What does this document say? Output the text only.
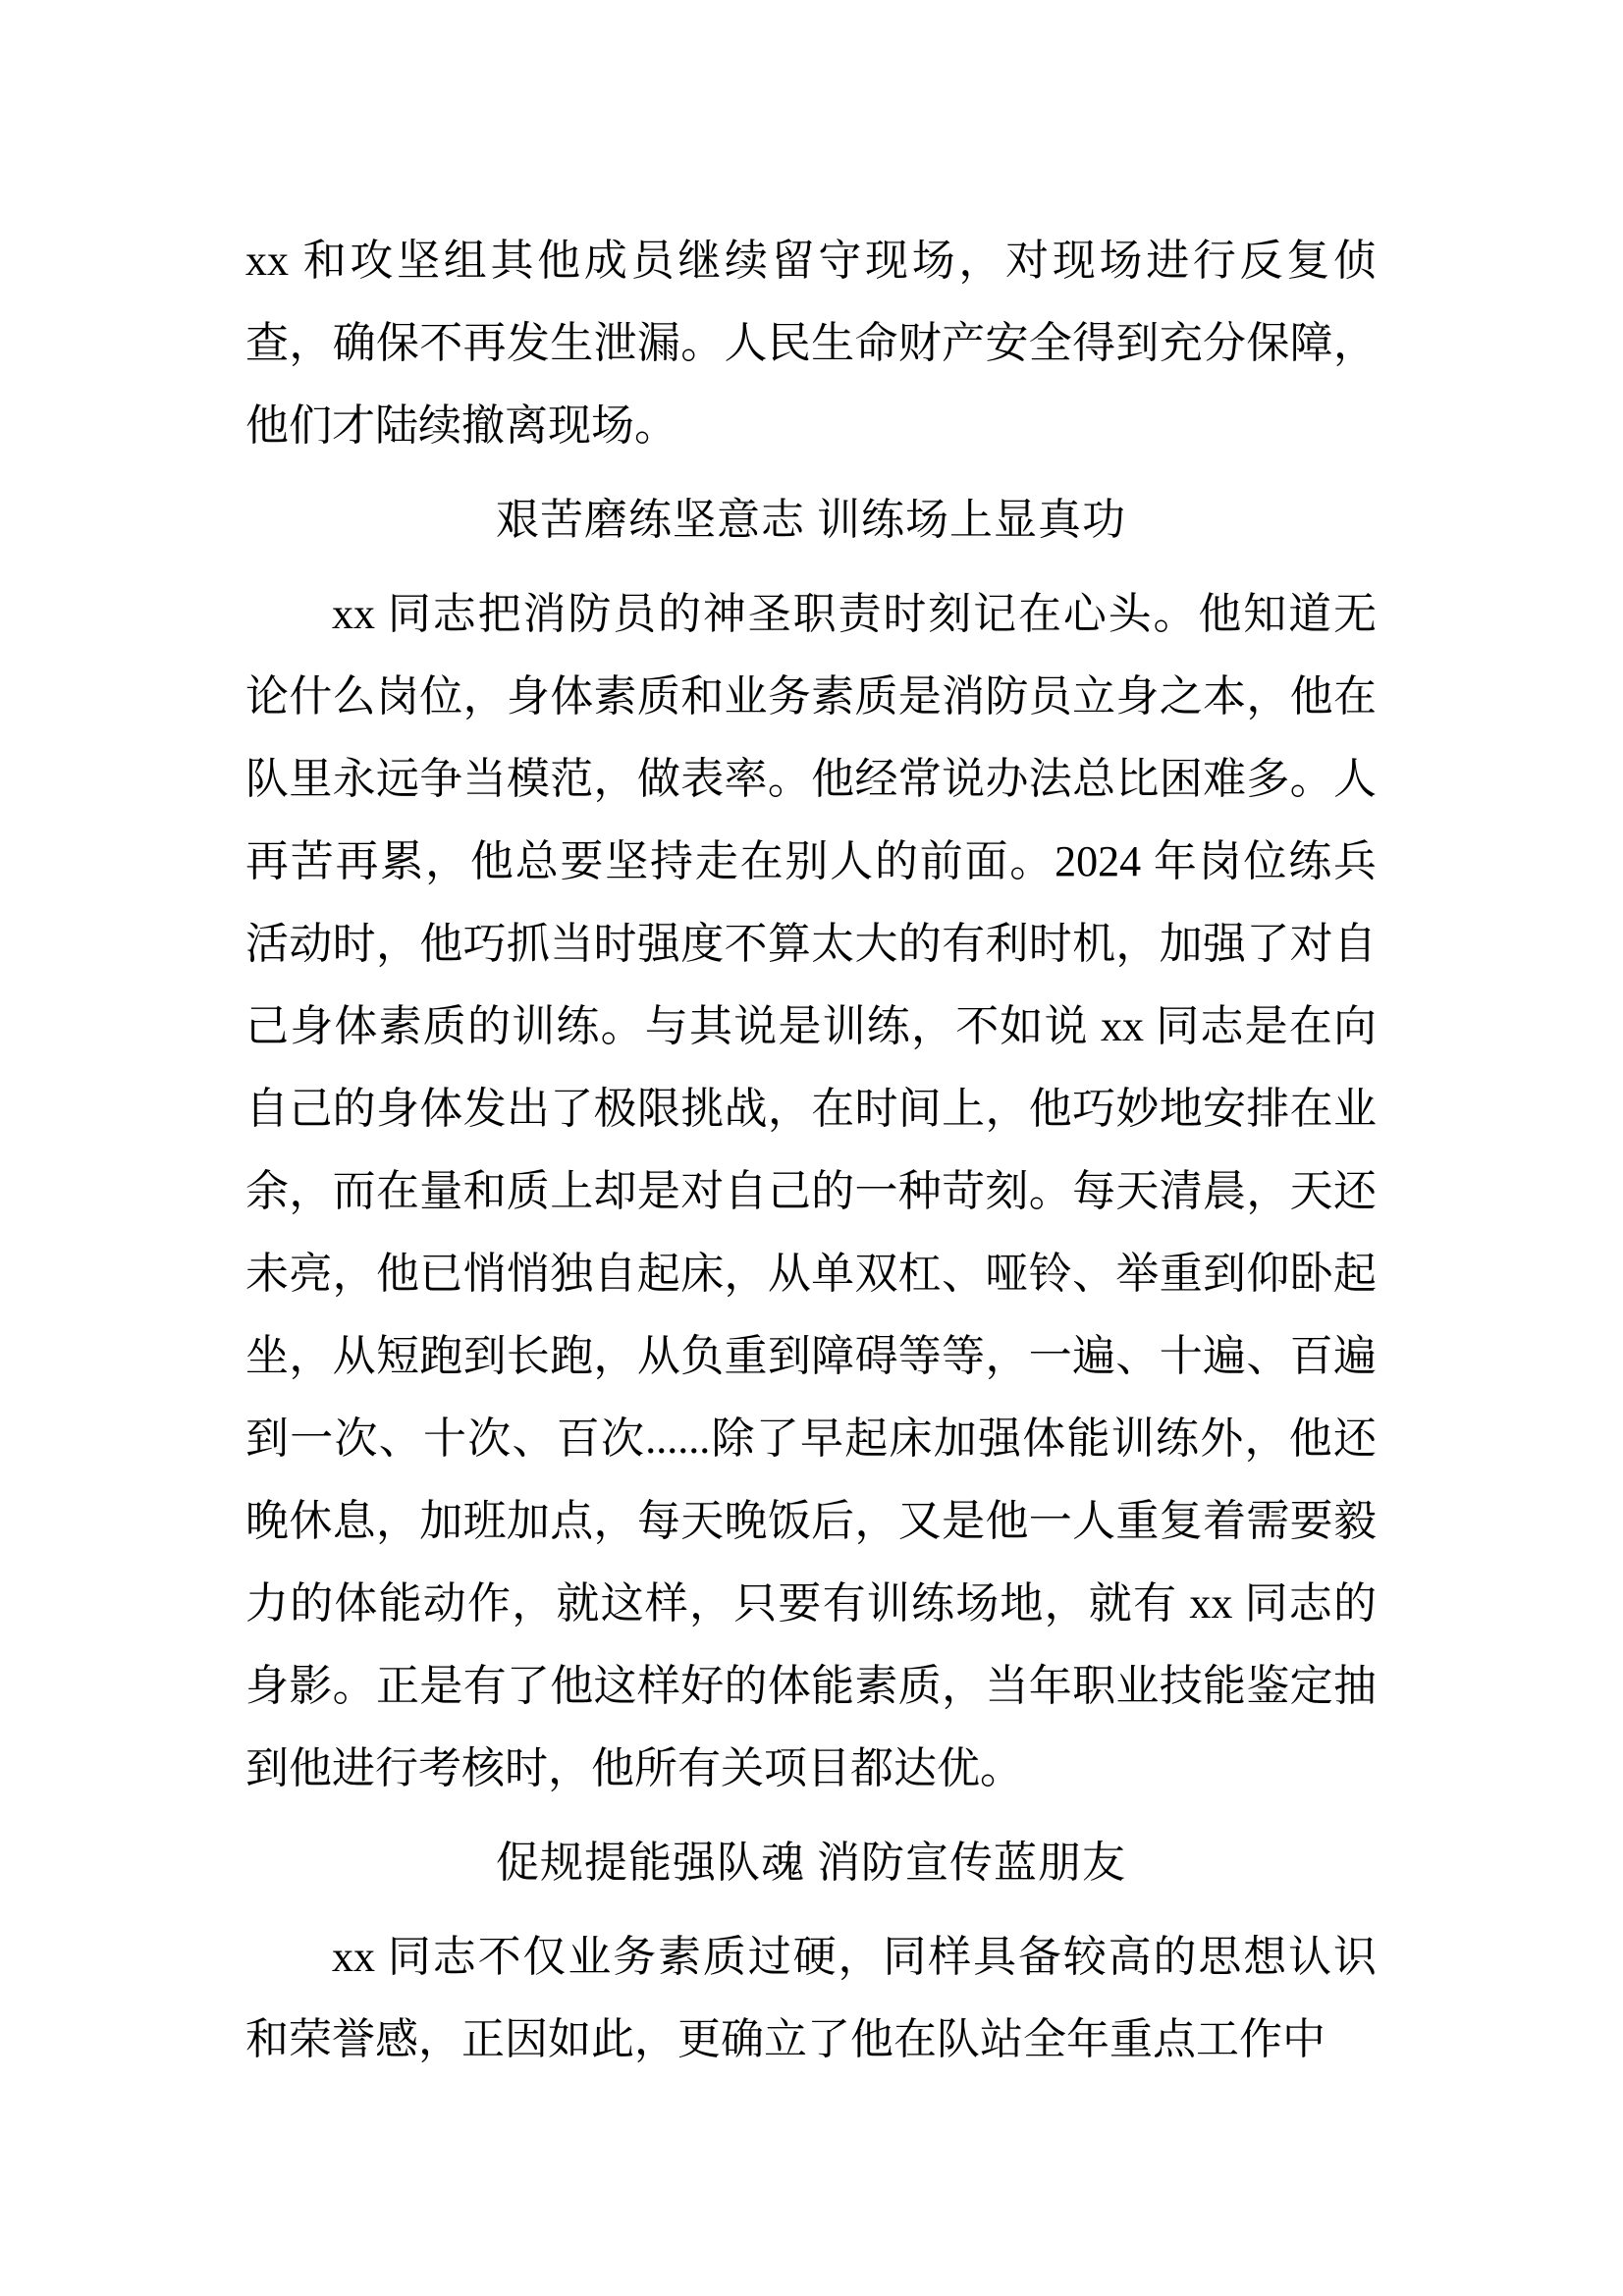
xx 和攻坚组其他成员继续留守现场，对现场进行反复侦查，确保不再发生泄漏。人民生命财产安全得到充分保障，他们才陆续撤离现场。

艰苦磨练坚意志 训练场上显真功

xx 同志把消防员的神圣职责时刻记在心头。他知道无论什么岗位，身体素质和业务素质是消防员立身之本，他在队里永远争当模范，做表率。他经常说办法总比困难多。人再苦再累，他总要坚持走在别人的前面。2024 年岗位练兵活动时，他巧抓当时强度不算太大的有利时机，加强了对自己身体素质的训练。与其说是训练，不如说 xx 同志是在向自己的身体发出了极限挑战，在时间上，他巧妙地安排在业余，而在量和质上却是对自己的一种苛刻。每天清晨，天还未亮，他已悄悄独自起床，从单双杠、哑铃、举重到仰卧起坐，从短跑到长跑，从负重到障碍等等，一遍、十遍、百遍到一次、十次、百次......除了早起床加强体能训练外，他还晚休息，加班加点，每天晚饭后，又是他一人重复着需要毅力的体能动作，就这样，只要有训练场地，就有 xx 同志的身影。正是有了他这样好的体能素质，当年职业技能鉴定抽到他进行考核时，他所有关项目都达优。

促规提能强队魂 消防宣传蓝朋友

xx 同志不仅业务素质过硬，同样具备较高的思想认识和荣誉感，正因如此，更确立了他在队站全年重点工作中
